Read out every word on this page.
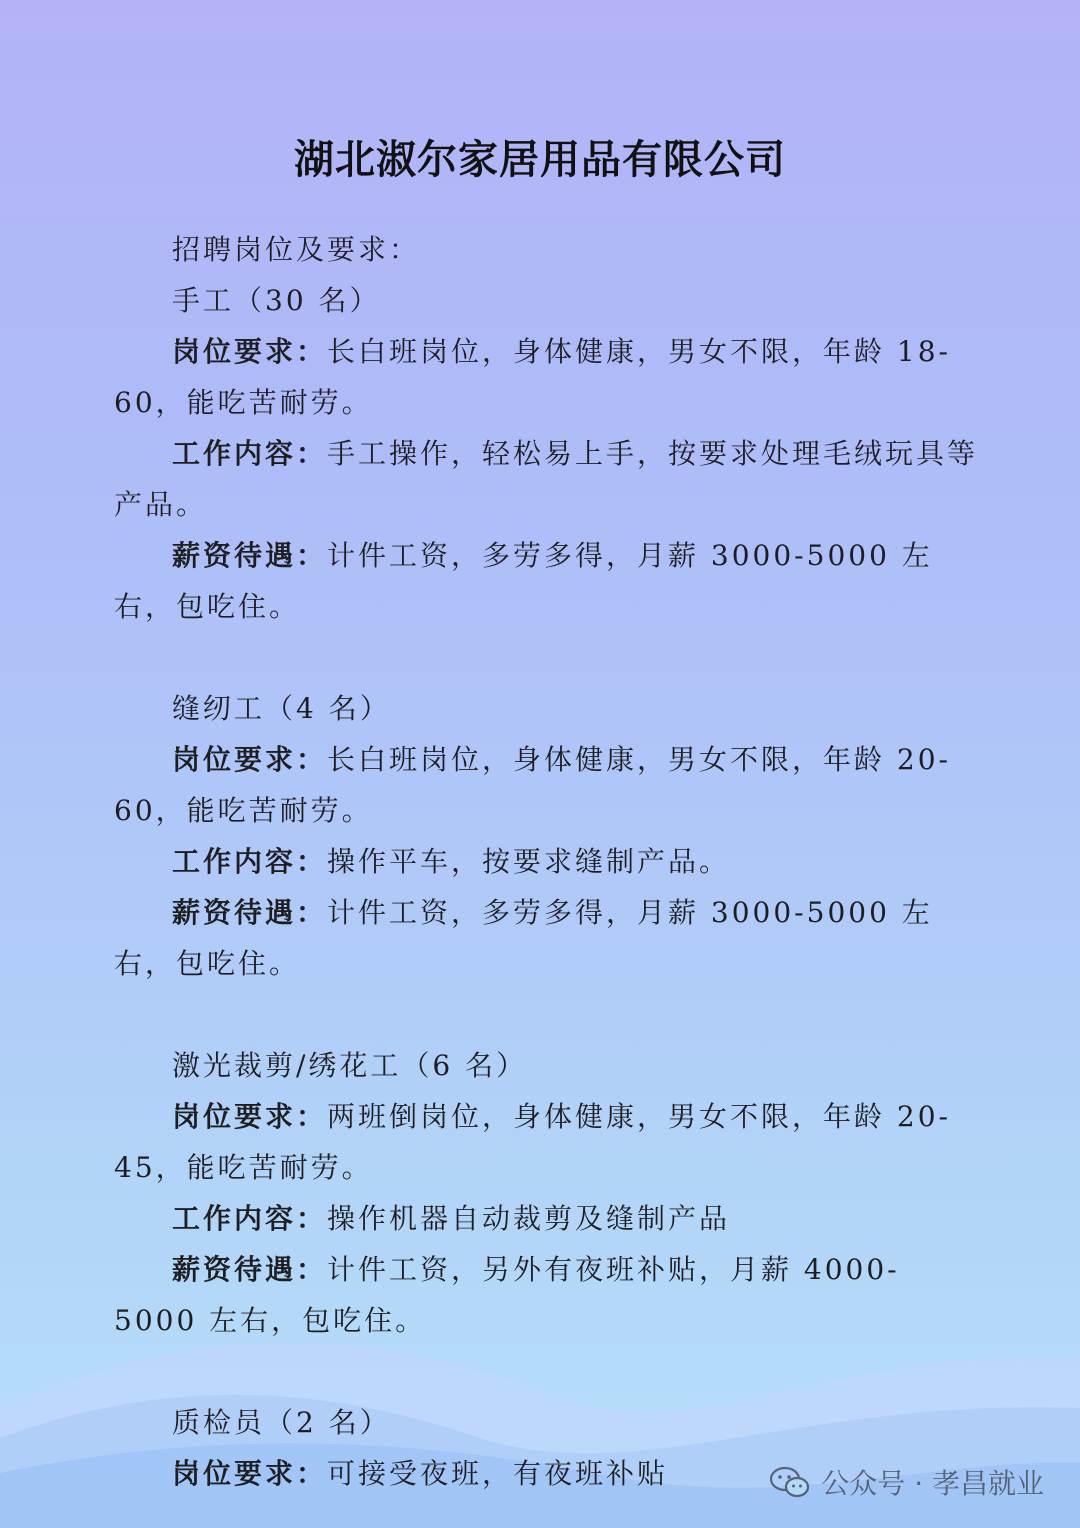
湖北淑尔家居用品有限公司

招聘岗位及要求：

手工（30 名）

岗位要求：长白班岗位，身体健康，男女不限，年龄 18-60，能吃苦耐劳。

工作内容：手工操作，轻松易上手，按要求处理毛绒玩具等产品。

薪资待遇：计件工资，多劳多得，月薪 3000-5000 左右，包吃住。

缝纫工（4 名）

岗位要求：长白班岗位，身体健康，男女不限，年龄 20-60，能吃苦耐劳。

工作内容：操作平车，按要求缝制产品。

薪资待遇：计件工资，多劳多得，月薪 3000-5000 左右，包吃住。

激光裁剪/绣花工（6 名）

岗位要求：两班倒岗位，身体健康，男女不限，年龄 20-45，能吃苦耐劳。

工作内容：操作机器自动裁剪及缝制产品

薪资待遇：计件工资，另外有夜班补贴，月薪 4000-5000 左右，包吃住。

质检员（2 名）

岗位要求：可接受夜班，有夜班补贴	公众号 · 孝昌就业
